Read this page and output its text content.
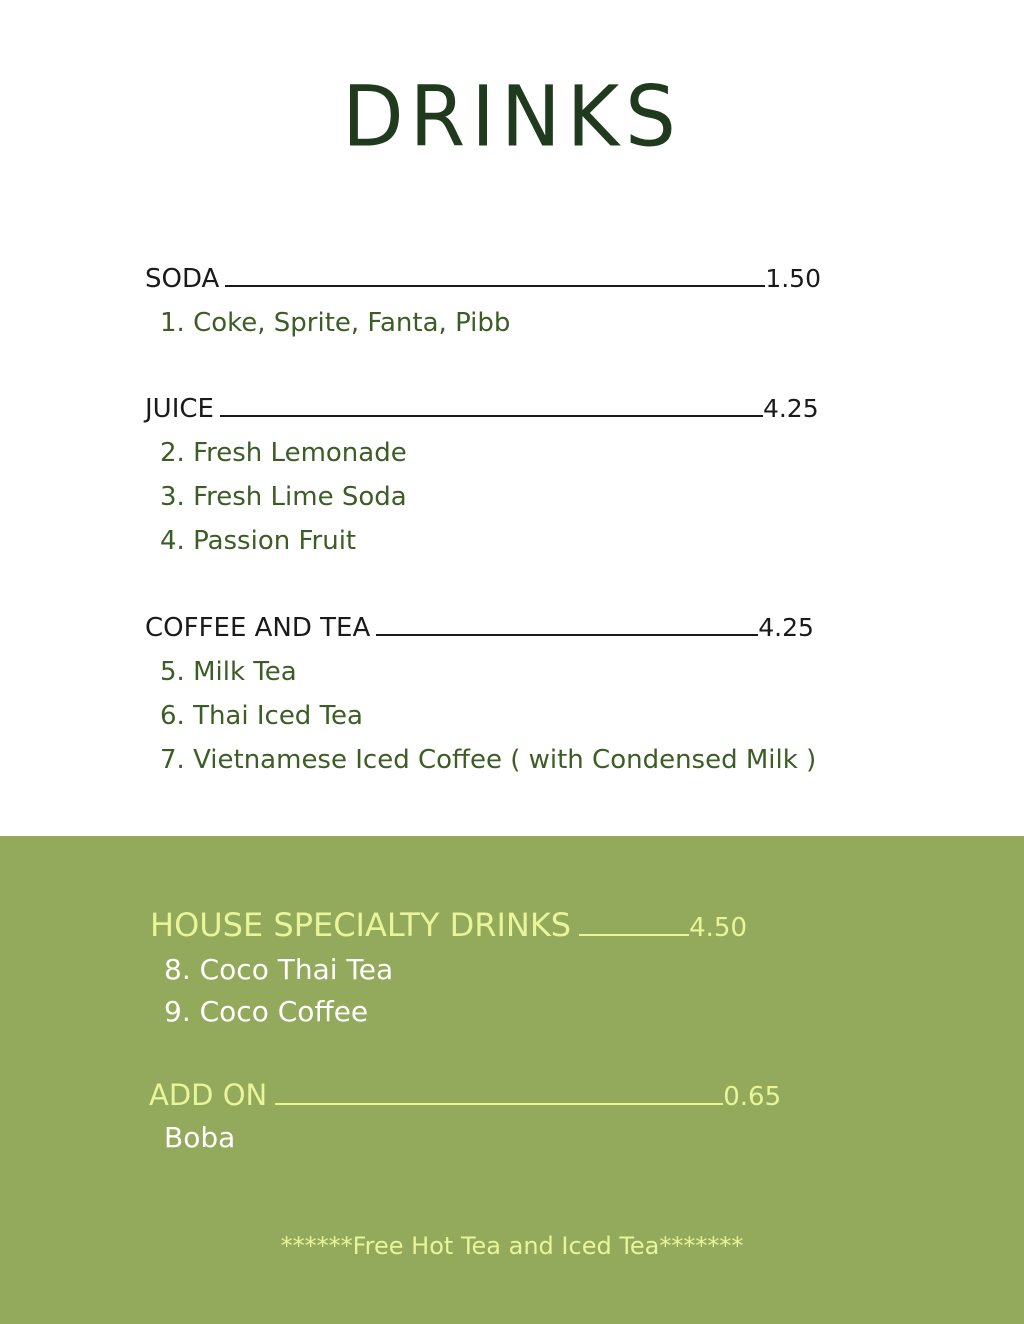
DRINKS
SODA	1.50
1. Coke, Sprite, Fanta, Pibb
JUICE	4.25
2. Fresh Lemonade
3. Fresh Lime Soda
4. Passion Fruit
COFFEE AND TEA	4.25
5. Milk Tea
6. Thai Iced Tea
7. Vietnamese Iced Coffee ( with Condensed Milk )
HOUSE SPECIALTY DRINKS	4.50
8. Coco Thai Tea
9. Coco Coffee
ADD ON	0.65
Boba
******Free Hot Tea and Iced Tea*******
